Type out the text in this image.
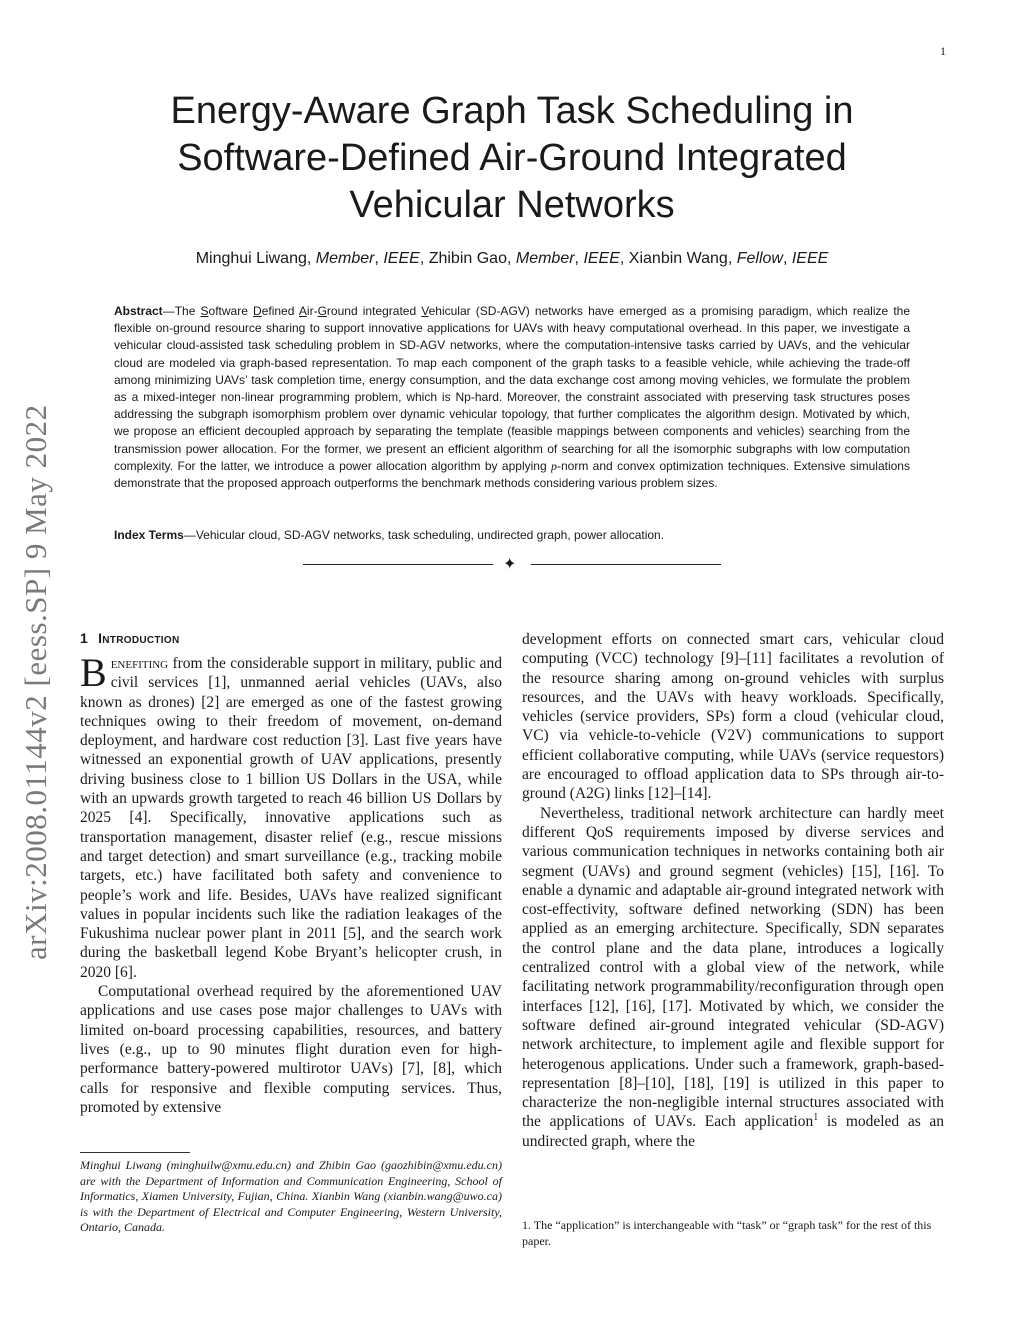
1
arXiv:2008.01144v2 [eess.SP] 9 May 2022
Energy-Aware Graph Task Scheduling in Software-Defined Air-Ground Integrated Vehicular Networks
Minghui Liwang, Member, IEEE, Zhibin Gao, Member, IEEE, Xianbin Wang, Fellow, IEEE

Abstract—The Software Defined Air-Ground integrated Vehicular (SD-AGV) networks have emerged as a promising paradigm, which realize the flexible on-ground resource sharing to support innovative applications for UAVs with heavy computational overhead. In this paper, we investigate a vehicular cloud-assisted task scheduling problem in SD-AGV networks, where the computation-intensive tasks carried by UAVs, and the vehicular cloud are modeled via graph-based representation. To map each component of the graph tasks to a feasible vehicle, while achieving the trade-off among minimizing UAVs’ task completion time, energy consumption, and the data exchange cost among moving vehicles, we formulate the problem as a mixed-integer non-linear programming problem, which is Np-hard. Moreover, the constraint associated with preserving task structures poses addressing the subgraph isomorphism problem over dynamic vehicular topology, that further complicates the algorithm design. Motivated by which, we propose an efficient decoupled approach by separating the template (feasible mappings between components and vehicles) searching from the transmission power allocation. For the former, we present an efficient algorithm of searching for all the isomorphic subgraphs with low computation complexity. For the latter, we introduce a power allocation algorithm by applying p-norm and convex optimization techniques. Extensive simulations demonstrate that the proposed approach outperforms the benchmark methods considering various problem sizes.

Index Terms—Vehicular cloud, SD-AGV networks, task scheduling, undirected graph, power allocation.

✦
1 Introduction

Benefiting from the considerable support in military, public and civil services [1], unmanned aerial vehicles (UAVs, also known as drones) [2] are emerged as one of the fastest growing techniques owing to their freedom of movement, on-demand deployment, and hardware cost reduction [3]. Last five years have witnessed an exponential growth of UAV applications, presently driving business close to 1 billion US Dollars in the USA, while with an upwards growth targeted to reach 46 billion US Dollars by 2025 [4]. Specifically, innovative applications such as transportation management, disaster relief (e.g., rescue missions and target detection) and smart surveillance (e.g., tracking mobile targets, etc.) have facilitated both safety and convenience to people’s work and life. Besides, UAVs have realized significant values in popular incidents such like the radiation leakages of the Fukushima nuclear power plant in 2011 [5], and the search work during the basketball legend Kobe Bryant’s helicopter crush, in 2020 [6].

Computational overhead required by the aforementioned UAV applications and use cases pose major challenges to UAVs with limited on-board processing capabilities, resources, and battery lives (e.g., up to 90 minutes flight duration even for high-performance battery-powered multirotor UAVs) [7], [8], which calls for responsive and flexible computing services. Thus, promoted by extensive

Minghui Liwang (minghuilw@xmu.edu.cn) and Zhibin Gao (gaozhibin@xmu.edu.cn) are with the Department of Information and Communication Engineering, School of Informatics, Xiamen University, Fujian, China. Xianbin Wang (xianbin.wang@uwo.ca) is with the Department of Electrical and Computer Engineering, Western University, Ontario, Canada.

development efforts on connected smart cars, vehicular cloud computing (VCC) technology [9]–[11] facilitates a revolution of the resource sharing among on-ground vehicles with surplus resources, and the UAVs with heavy workloads. Specifically, vehicles (service providers, SPs) form a cloud (vehicular cloud, VC) via vehicle-to-vehicle (V2V) communications to support efficient collaborative computing, while UAVs (service requestors) are encouraged to offload application data to SPs through air-to-ground (A2G) links [12]–[14].

Nevertheless, traditional network architecture can hardly meet different QoS requirements imposed by diverse services and various communication techniques in networks containing both air segment (UAVs) and ground segment (vehicles) [15], [16]. To enable a dynamic and adaptable air-ground integrated network with cost-effectivity, software defined networking (SDN) has been applied as an emerging architecture. Specifically, SDN separates the control plane and the data plane, introduces a logically centralized control with a global view of the network, while facilitating network programmability/reconfiguration through open interfaces [12], [16], [17]. Motivated by which, we consider the software defined air-ground integrated vehicular (SD-AGV) network architecture, to implement agile and flexible support for heterogenous applications. Under such a framework, graph-based-representation [8]–[10], [18], [19] is utilized in this paper to characterize the non-negligible internal structures associated with the applications of UAVs. Each application$^1$ is modeled as an undirected graph, where the

1. The “application” is interchangeable with “task” or “graph task” for the rest of this paper.
